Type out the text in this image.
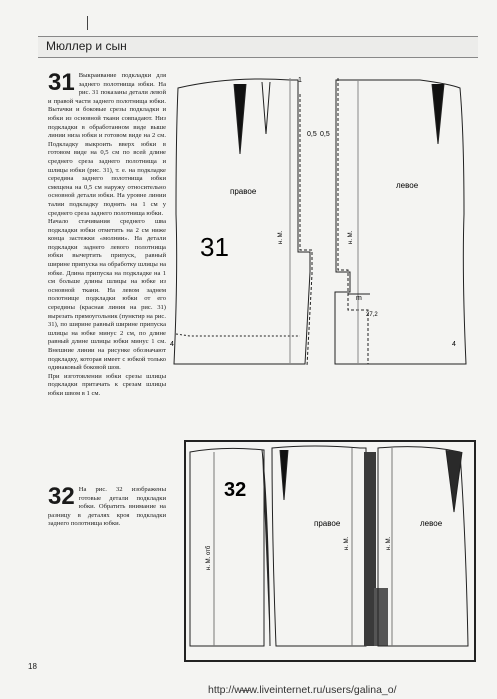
Мюллер и сын
31 Выкраивание подкладки для заднего полотнища юбки. На рис. 31 показаны детали левой и правой части заднего полотнища юбки. Вытачки и боковые срезы подкладки и юбки из основной ткани совпадают. Низ подкладки в обработанном виде выше линии низа юбки и готовом виде на 2 см. Подкладку выкроить вверх юбки в готовом виде на 0,5 см по всей длине среднего среза заднего полотнища и шлицы юбки (рис. 31), т. е. на подкладке середина заднего полотнища юбки смещена на 0,5 см наружу относительно основной детали юбки. На уровне линии талии подкладку поднять на 1 см у среднего среза заднего полотнища юбки.

Начало стачивания среднего шва подкладки юбки отметить на 2 см ниже конца застежки «молнии». На детали подкладки заднего левого полотнища юбки вычертить припуск, равный ширине припуска на обработку шлицы на юбке. Длина припуска на подкладке на 1 см больше длины шлицы на юбке из основной ткани. На левом заднем полотнище подкладки юбки от его середины (красная линия на рис. 31) вырезать прямоугольник (пунктир на рис. 31), по ширине равный ширине припуска шлицы на юбке минус 2 см, по длине равный длине шлицы юбки минус 1 см. Внешние линии на рисунке обозначают подкладку, которая имеет с юбкой только одинаковый боковой шов.

При изготовлении юбки срезы шлицы подкладки притачать к срезам шлицы юбки швом в 1 см.

32 На рис. 32 изображены готовые детали подкладки юбки. Обратить внимание на разницу в деталях кроя подкладки заднего полотнища юбки.

правое
31
0,5
1
4
н. М.
левое
0,5
m
27,2
4
н. М.
32
правое	левое
н. М. отб
н. М.	н. М.
18
http://www.liveinternet.ru/users/galina_o/
